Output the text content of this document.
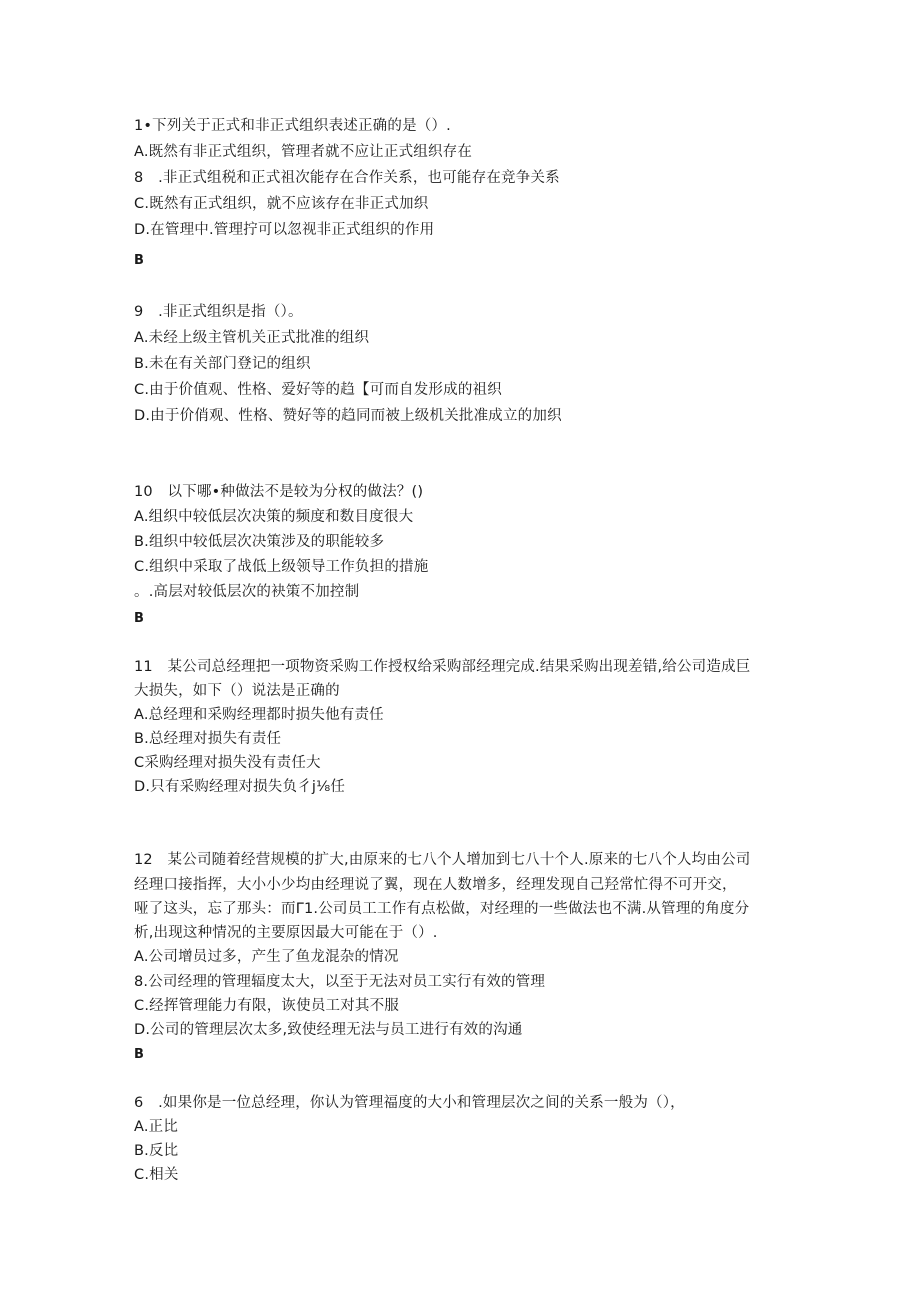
1•下列关于正式和非正式组织表述正确的是（）.
A.既然有非正式组织，管理者就不应让正式组织存在
8　.非正式组税和正式祖次能存在合作关系，也可能存在竞争关系
C.既然有正式组织，就不应该存在非正式加织
D.在管理中.管理拧可以忽视非正式组织的作用
B
9　.非正式组织是指（）。
A.未经上级主管机关正式批准的组织
B.未在有关部门登记的组织
C.由于价值观、性格、爱好等的趋【可而自发形成的祖织
D.由于价俏观、性格、赞好等的趋同而被上级机关批准成立的加织
10　以下哪•种做法不是较为分权的做法？()
A.组织中较低层次决策的频度和数目度很大
B.组织中较低层次决策涉及的职能较多
C.组织中采取了战低上级领导工作负担的措施
。.高层对较低层次的袂策不加控制
B
11　某公司总经理把一项物资采购工作授权给采购部经理完成.结果采购出现差错,给公司造成巨
大损失，如下（）说法是正确的
A.总经理和采购经理都时损失他有责任
B.总经理对损失有责任
C采购经理对损失没有责任大
D.只有采购经理对损失负彳j⅛任
12　某公司随着经营规模的扩大,由原来的七八个人增加到七八十个人.原来的七八个人均由公司
经理口接指挥，大小小少均由经理说了翼，现在人数增多，经理发现自己羟常忙得不可开交，
哑了这头，忘了那头：而Γ1.公司员工工作有点松做，对经理的一些做法也不满.从管理的角度分
析,出现这种情况的主要原因最大可能在于（）.
A.公司增员过多，产生了鱼龙混杂的情况
8.公司经理的管理辐度太大，以至于无法对员工实行有效的管理
C.经挥管理能力有限，诙使员工对其不服
D.公司的管理层次太多,致使经理无法与员工进行有效的沟通
B
6　.如果你是一位总经理，你认为管理福度的大小和管理层次之间的关系一般为（），
A.正比
B.反比
C.相关
